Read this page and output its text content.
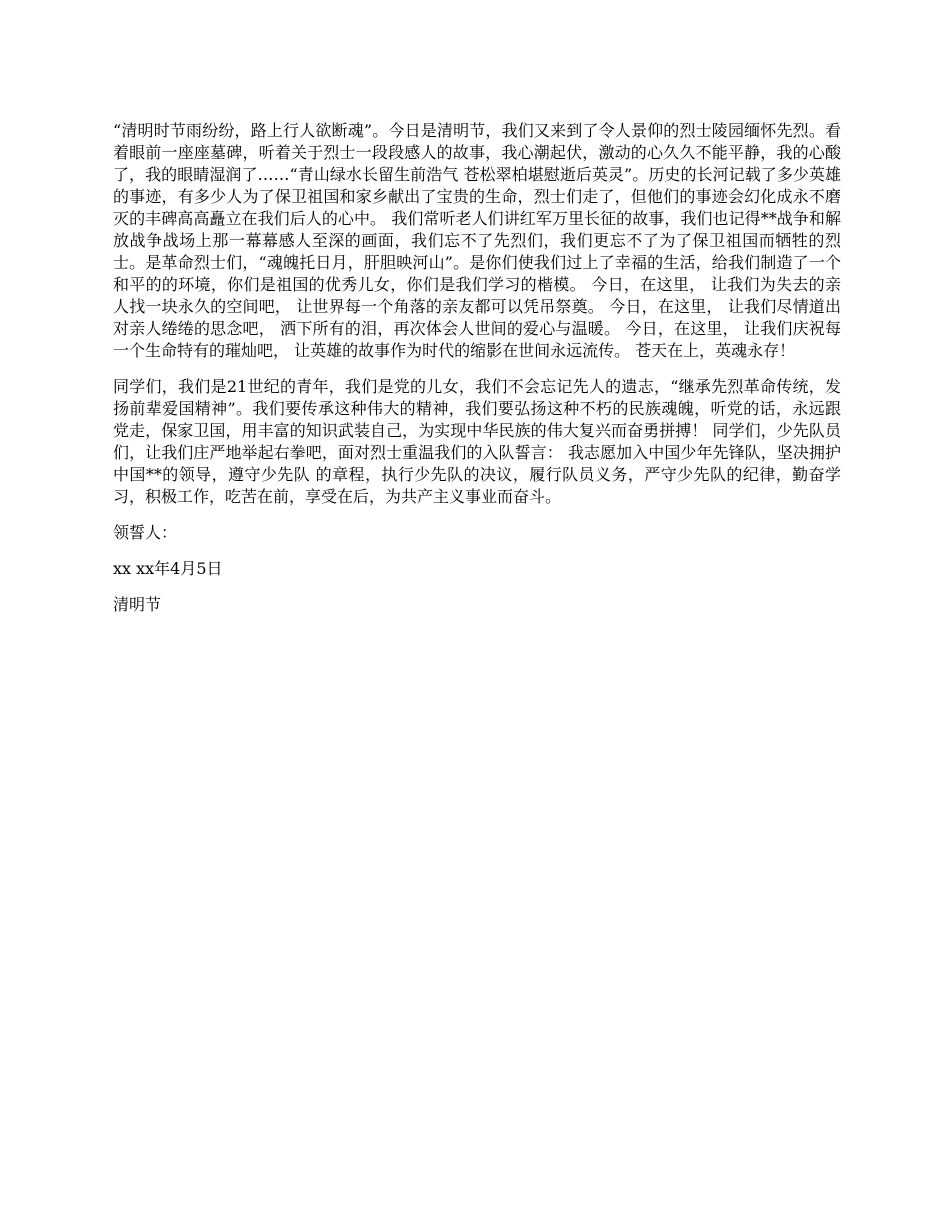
“清明时节雨纷纷，路上行人欲断魂”。今日是清明节，我们又来到了令人景仰的烈士陵园缅怀先烈。看着眼前一座座墓碑，听着关于烈士一段段感人的故事，我心潮起伏，激动的心久久不能平静，我的心酸了，我的眼睛湿润了……“青山绿水长留生前浩气 苍松翠柏堪慰逝后英灵”。历史的长河记载了多少英雄的事迹，有多少人为了保卫祖国和家乡献出了宝贵的生命，烈士们走了，但他们的事迹会幻化成永不磨灭的丰碑高高矗立在我们后人的心中。 我们常听老人们讲红军万里长征的故事，我们也记得**战争和解放战争战场上那一幕幕感人至深的画面，我们忘不了先烈们，我们更忘不了为了保卫祖国而牺牲的烈士。是革命烈士们，“魂魄托日月，肝胆映河山”。是你们使我们过上了幸福的生活，给我们制造了一个和平的的环境，你们是祖国的优秀儿女，你们是我们学习的楷模。 今日，在这里， 让我们为失去的亲人找一块永久的空间吧， 让世界每一个角落的亲友都可以凭吊祭奠。 今日，在这里， 让我们尽情道出对亲人绻绻的思念吧， 洒下所有的泪，再次体会人世间的爱心与温暖。 今日，在这里， 让我们庆祝每一个生命特有的璀灿吧， 让英雄的故事作为时代的缩影在世间永远流传。 苍天在上，英魂永存！

同学们，我们是21世纪的青年，我们是党的儿女，我们不会忘记先人的遗志，“继承先烈革命传统，发扬前辈爱国精神”。我们要传承这种伟大的精神，我们要弘扬这种不朽的民族魂魄，听党的话，永远跟党走，保家卫国，用丰富的知识武装自己，为实现中华民族的伟大复兴而奋勇拼搏！ 同学们，少先队员们，让我们庄严地举起右拳吧，面对烈士重温我们的入队誓言： 我志愿加入中国少年先锋队，坚决拥护中国**的领导，遵守少先队 的章程，执行少先队的决议，履行队员义务，严守少先队的纪律，勤奋学习，积极工作，吃苦在前，享受在后，为共产主义事业而奋斗。

领誓人：

xx xx年4月5日

清明节
